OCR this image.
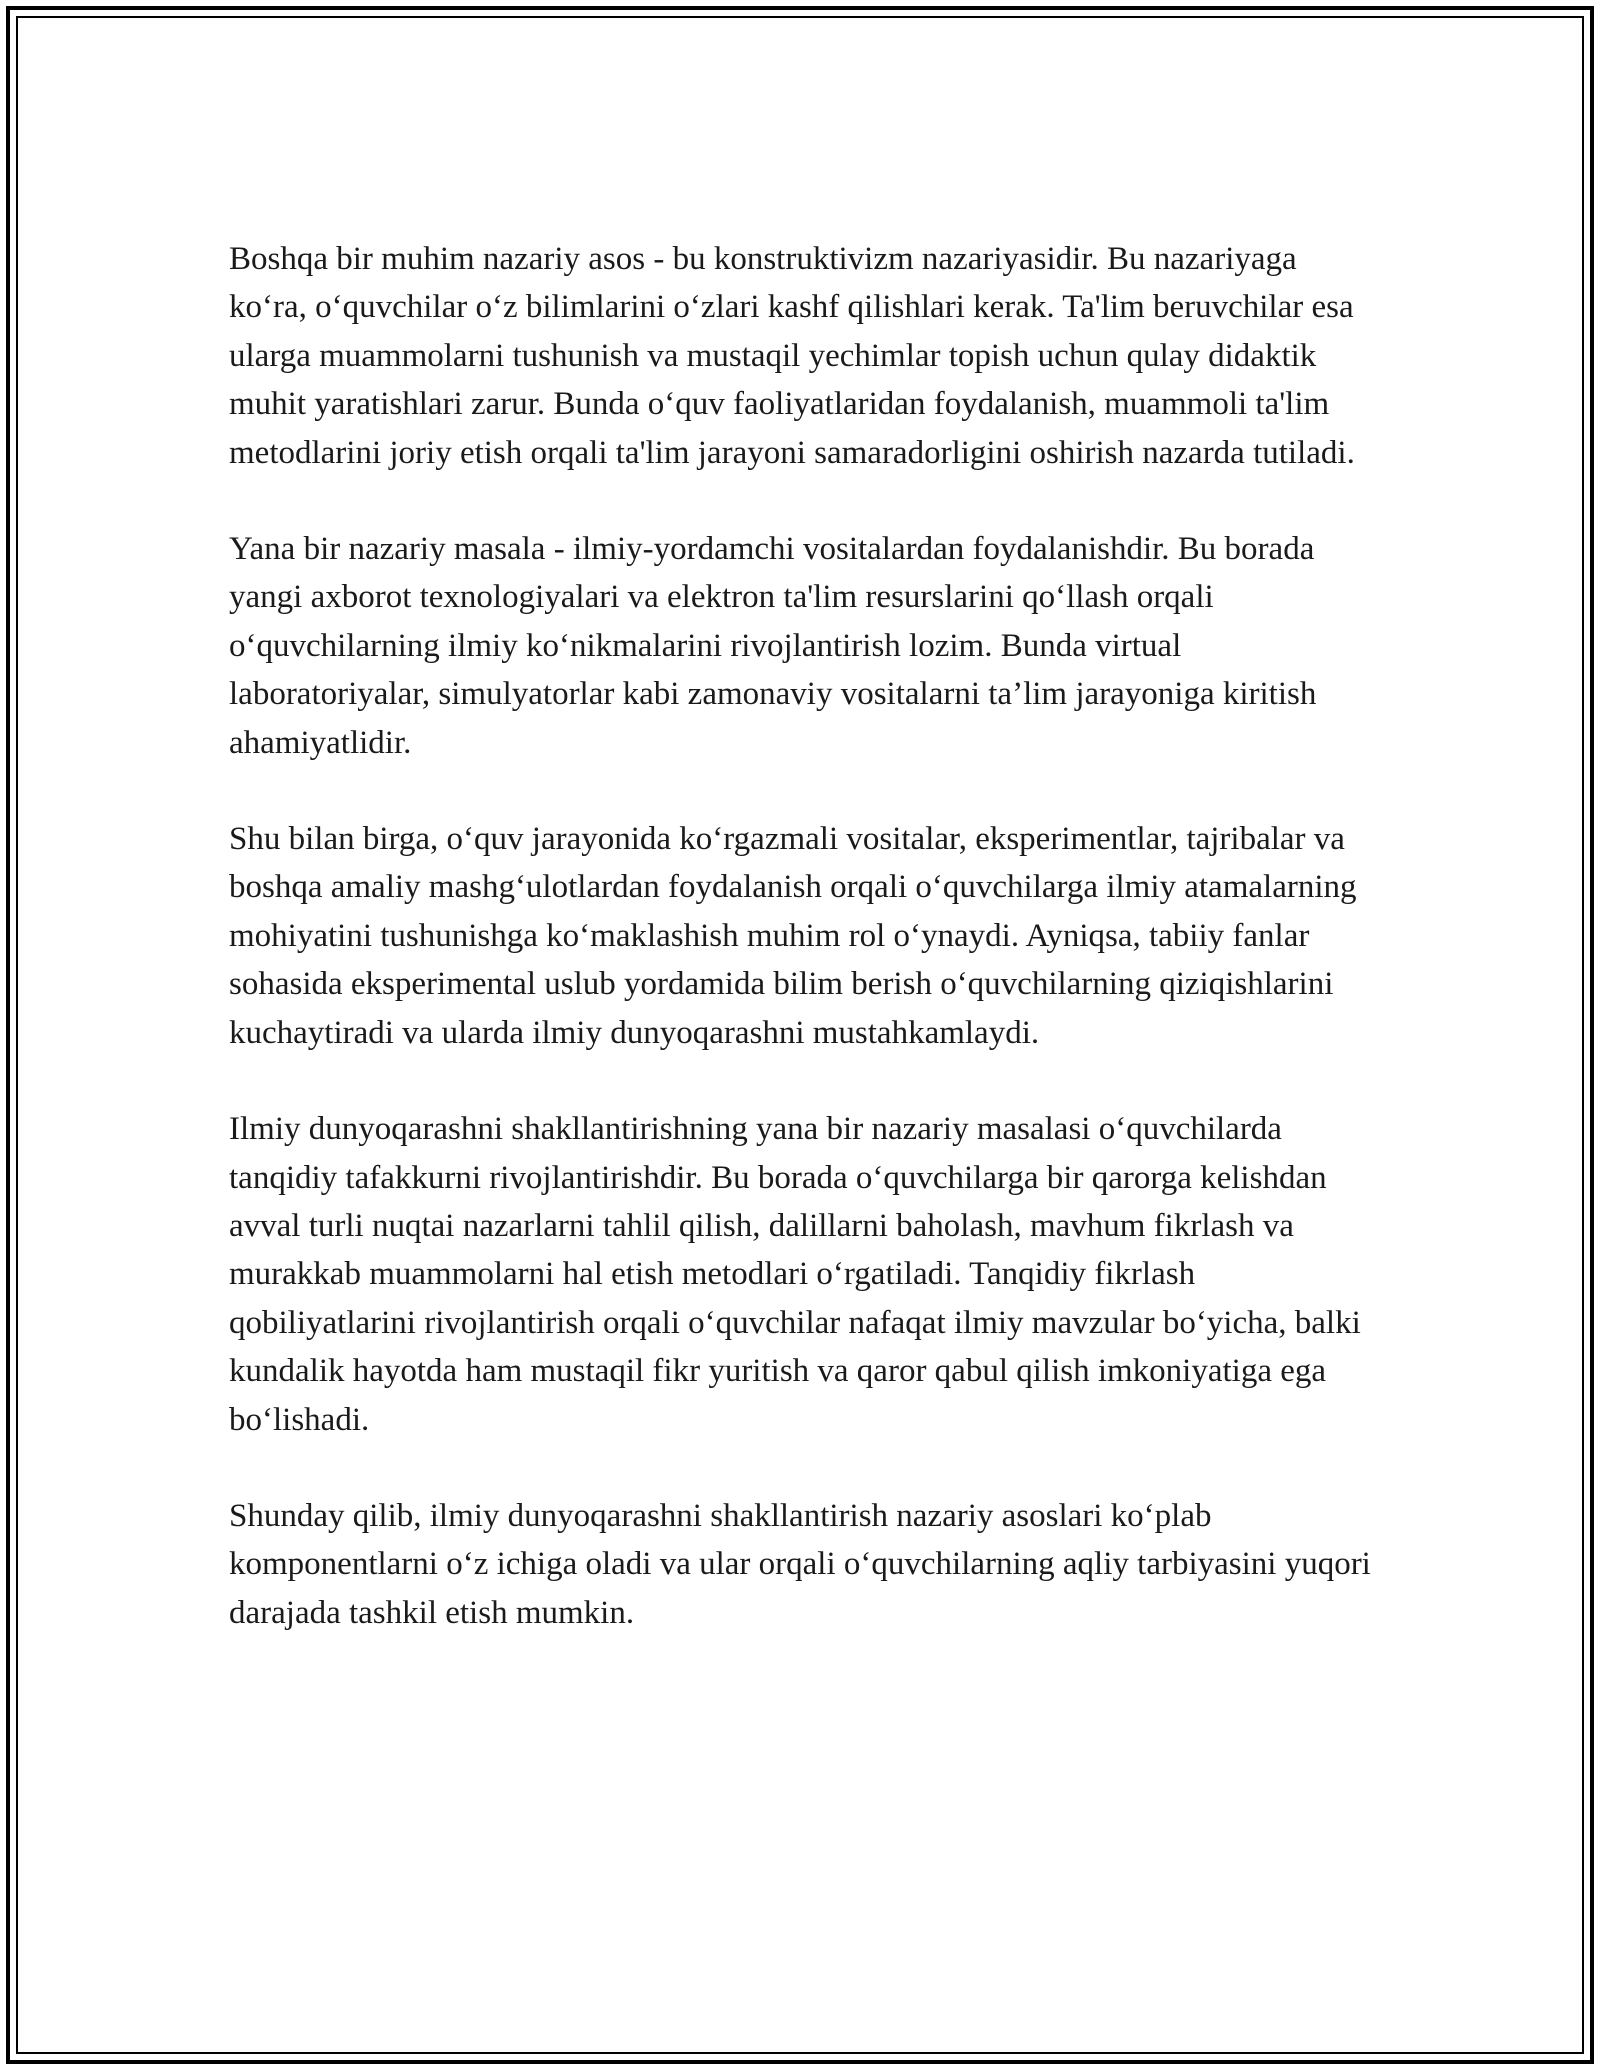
Boshqa bir muhim nazariy asos - bu konstruktivizm nazariyasidir. Bu nazariyaga ko‘ra, o‘quvchilar o‘z bilimlarini o‘zlari kashf qilishlari kerak. Ta'lim beruvchilar esa ularga muammolarni tushunish va mustaqil yechimlar topish uchun qulay didaktik muhit yaratishlari zarur. Bunda o‘quv faoliyatlaridan foydalanish, muammoli ta'lim metodlarini joriy etish orqali ta'lim jarayoni samaradorligini oshirish nazarda tutiladi.

Yana bir nazariy masala - ilmiy-yordamchi vositalardan foydalanishdir. Bu borada yangi axborot texnologiyalari va elektron ta'lim resurslarini qo‘llash orqali o‘quvchilarning ilmiy ko‘nikmalarini rivojlantirish lozim. Bunda virtual laboratoriyalar, simulyatorlar kabi zamonaviy vositalarni ta’lim jarayoniga kiritish ahamiyatlidir.

Shu bilan birga, o‘quv jarayonida ko‘rgazmali vositalar, eksperimentlar, tajribalar va boshqa amaliy mashg‘ulotlardan foydalanish orqali o‘quvchilarga ilmiy atamalarning mohiyatini tushunishga ko‘maklashish muhim rol o‘ynaydi. Ayniqsa, tabiiy fanlar sohasida eksperimental uslub yordamida bilim berish o‘quvchilarning qiziqishlarini kuchaytiradi va ularda ilmiy dunyoqarashni mustahkamlaydi.

Ilmiy dunyoqarashni shakllantirishning yana bir nazariy masalasi o‘quvchilarda tanqidiy tafakkurni rivojlantirishdir. Bu borada o‘quvchilarga bir qarorga kelishdan avval turli nuqtai nazarlarni tahlil qilish, dalillarni baholash, mavhum fikrlash va murakkab muammolarni hal etish metodlari o‘rgatiladi. Tanqidiy fikrlash qobiliyatlarini rivojlantirish orqali o‘quvchilar nafaqat ilmiy mavzular bo‘yicha, balki kundalik hayotda ham mustaqil fikr yuritish va qaror qabul qilish imkoniyatiga ega bo‘lishadi.

Shunday qilib, ilmiy dunyoqarashni shakllantirish nazariy asoslari ko‘plab komponentlarni o‘z ichiga oladi va ular orqali o‘quvchilarning aqliy tarbiyasini yuqori darajada tashkil etish mumkin.
